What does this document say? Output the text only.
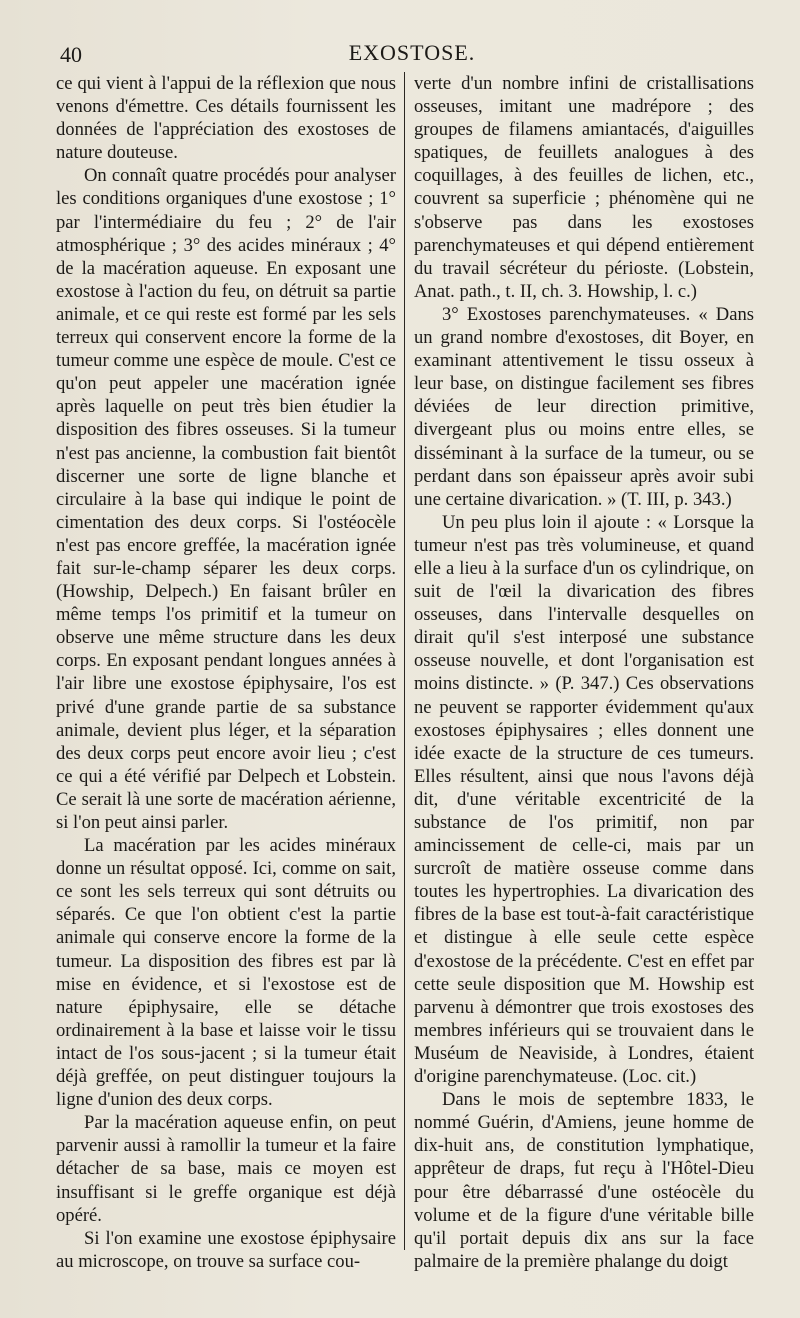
40	EXOSTOSE.

ce qui vient à l'appui de la réflexion que nous venons d'émettre. Ces détails fournissent les données de l'appréciation des exostoses de nature douteuse.

On connaît quatre procédés pour analyser les conditions organiques d'une exostose ; 1° par l'intermédiaire du feu ; 2° de l'air atmosphérique ; 3° des acides minéraux ; 4° de la macération aqueuse. En exposant une exostose à l'action du feu, on détruit sa partie animale, et ce qui reste est formé par les sels terreux qui conservent encore la forme de la tumeur comme une espèce de moule. C'est ce qu'on peut appeler une macération ignée après laquelle on peut très bien étudier la disposition des fibres osseuses. Si la tumeur n'est pas ancienne, la combustion fait bientôt discerner une sorte de ligne blanche et circulaire à la base qui indique le point de cimentation des deux corps. Si l'ostéocèle n'est pas encore greffée, la macération ignée fait sur-le-champ séparer les deux corps. (Howship, Delpech.) En faisant brûler en même temps l'os primitif et la tumeur on observe une même structure dans les deux corps. En exposant pendant longues années à l'air libre une exostose épiphysaire, l'os est privé d'une grande partie de sa substance animale, devient plus léger, et la séparation des deux corps peut encore avoir lieu ; c'est ce qui a été vérifié par Delpech et Lobstein. Ce serait là une sorte de macération aérienne, si l'on peut ainsi parler.

La macération par les acides minéraux donne un résultat opposé. Ici, comme on sait, ce sont les sels terreux qui sont détruits ou séparés. Ce que l'on obtient c'est la partie animale qui conserve encore la forme de la tumeur. La disposition des fibres est par là mise en évidence, et si l'exostose est de nature épiphysaire, elle se détache ordinairement à la base et laisse voir le tissu intact de l'os sous-jacent ; si la tumeur était déjà greffée, on peut distinguer toujours la ligne d'union des deux corps.

Par la macération aqueuse enfin, on peut parvenir aussi à ramollir la tumeur et la faire détacher de sa base, mais ce moyen est insuffisant si le greffe organique est déjà opéré.

Si l'on examine une exostose épiphysaire au microscope, on trouve sa surface cou-

verte d'un nombre infini de cristallisations osseuses, imitant une madrépore ; des groupes de filamens amiantacés, d'aiguilles spatiques, de feuillets analogues à des coquillages, à des feuilles de lichen, etc., couvrent sa superficie ; phénomène qui ne s'observe pas dans les exostoses parenchymateuses et qui dépend entièrement du travail sécréteur du périoste. (Lobstein, Anat. path., t. II, ch. 3. Howship, l. c.)

3° Exostoses parenchymateuses. « Dans un grand nombre d'exostoses, dit Boyer, en examinant attentivement le tissu osseux à leur base, on distingue facilement ses fibres déviées de leur direction primitive, divergeant plus ou moins entre elles, se disséminant à la surface de la tumeur, ou se perdant dans son épaisseur après avoir subi une certaine divarication. » (T. III, p. 343.)

Un peu plus loin il ajoute : « Lorsque la tumeur n'est pas très volumineuse, et quand elle a lieu à la surface d'un os cylindrique, on suit de l'œil la divarication des fibres osseuses, dans l'intervalle desquelles on dirait qu'il s'est interposé une substance osseuse nouvelle, et dont l'organisation est moins distincte. » (P. 347.) Ces observations ne peuvent se rapporter évidemment qu'aux exostoses épiphysaires ; elles donnent une idée exacte de la structure de ces tumeurs. Elles résultent, ainsi que nous l'avons déjà dit, d'une véritable excentricité de la substance de l'os primitif, non par amincissement de celle-ci, mais par un surcroît de matière osseuse comme dans toutes les hypertrophies. La divarication des fibres de la base est tout-à-fait caractéristique et distingue à elle seule cette espèce d'exostose de la précédente. C'est en effet par cette seule disposition que M. Howship est parvenu à démontrer que trois exostoses des membres inférieurs qui se trouvaient dans le Muséum de Neaviside, à Londres, étaient d'origine parenchymateuse. (Loc. cit.)

Dans le mois de septembre 1833, le nommé Guérin, d'Amiens, jeune homme de dix-huit ans, de constitution lymphatique, apprêteur de draps, fut reçu à l'Hôtel-Dieu pour être débarrassé d'une ostéocèle du volume et de la figure d'une véritable bille qu'il portait depuis dix ans sur la face palmaire de la première phalange du doigt
